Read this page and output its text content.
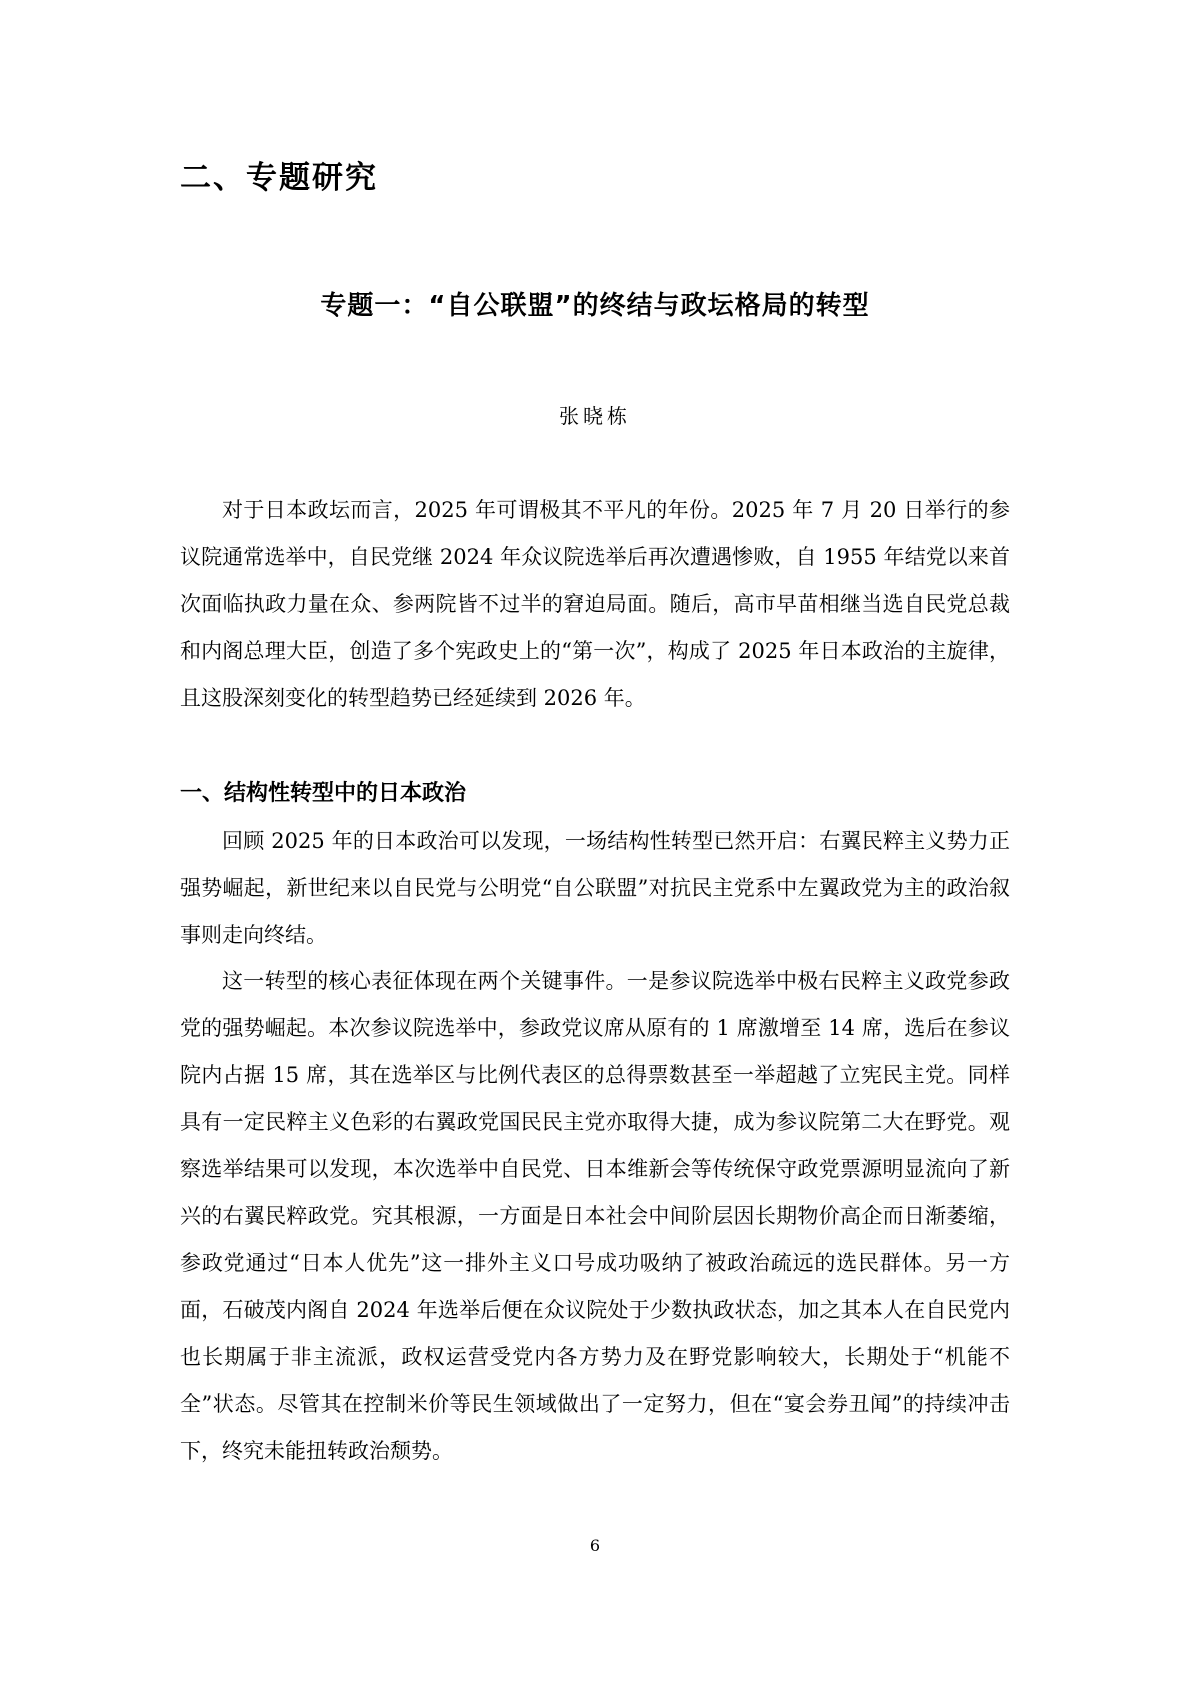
二、专题研究
专题一：“自公联盟”的终结与政坛格局的转型

张晓栋

对于日本政坛而言，2025 年可谓极其不平凡的年份。2025 年 7 月 20 日举行的参议院通常选举中，自民党继 2024 年众议院选举后再次遭遇惨败，自 1955 年结党以来首次面临执政力量在众、参两院皆不过半的窘迫局面。随后，高市早苗相继当选自民党总裁和内阁总理大臣，创造了多个宪政史上的“第一次”，构成了 2025 年日本政治的主旋律，且这股深刻变化的转型趋势已经延续到 2026 年。

一、结构性转型中的日本政治

回顾 2025 年的日本政治可以发现，一场结构性转型已然开启：右翼民粹主义势力正强势崛起，新世纪来以自民党与公明党“自公联盟”对抗民主党系中左翼政党为主的政治叙事则走向终结。

这一转型的核心表征体现在两个关键事件。一是参议院选举中极右民粹主义政党参政党的强势崛起。本次参议院选举中，参政党议席从原有的 1 席激增至 14 席，选后在参议院内占据 15 席，其在选举区与比例代表区的总得票数甚至一举超越了立宪民主党。同样具有一定民粹主义色彩的右翼政党国民民主党亦取得大捷，成为参议院第二大在野党。观察选举结果可以发现，本次选举中自民党、日本维新会等传统保守政党票源明显流向了新兴的右翼民粹政党。究其根源，一方面是日本社会中间阶层因长期物价高企而日渐萎缩，参政党通过“日本人优先”这一排外主义口号成功吸纳了被政治疏远的选民群体。另一方面，石破茂内阁自 2024 年选举后便在众议院处于少数执政状态，加之其本人在自民党内也长期属于非主流派，政权运营受党内各方势力及在野党影响较大，长期处于“机能不全”状态。尽管其在控制米价等民生领域做出了一定努力，但在“宴会券丑闻”的持续冲击下，终究未能扭转政治颓势。

6
